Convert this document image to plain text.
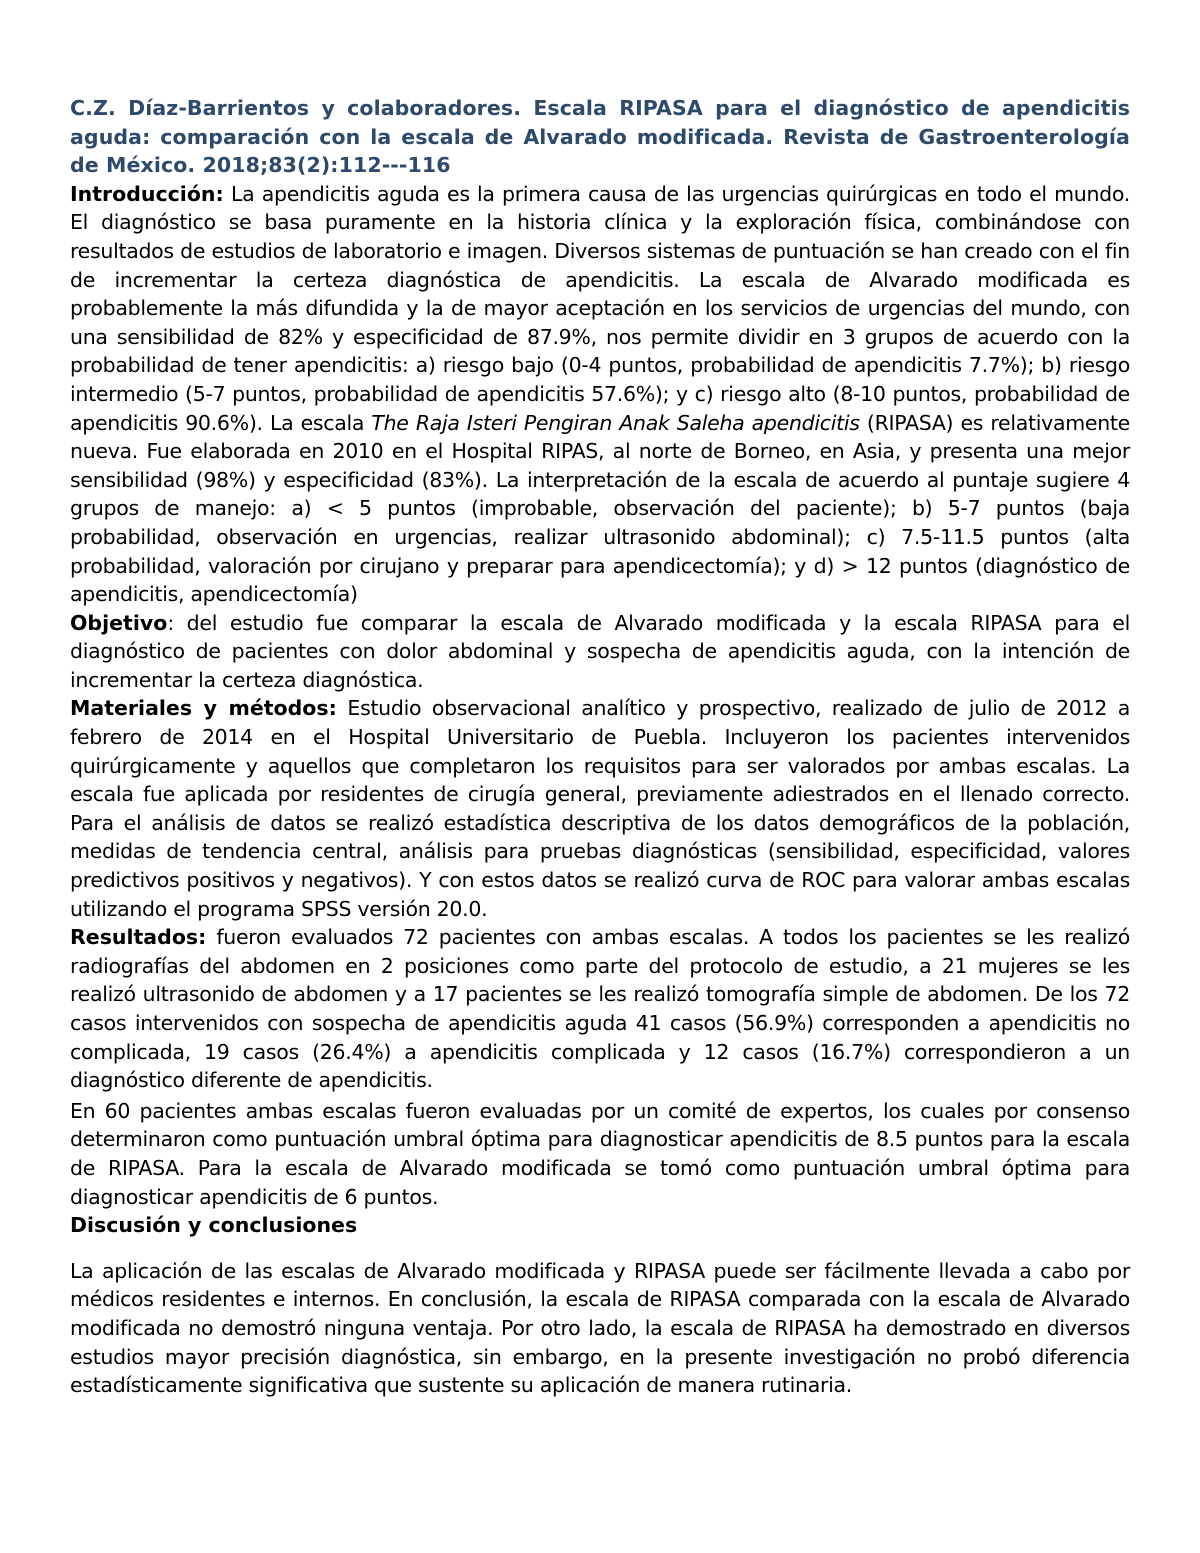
C.Z. Díaz-Barrientos y colaboradores. Escala RIPASA para el diagnóstico de apendicitis aguda: comparación con la escala de Alvarado modificada. Revista de Gastroenterología de México. 2018;83(2):112---116

Introducción: La apendicitis aguda es la primera causa de las urgencias quirúrgicas en todo el mundo. El diagnóstico se basa puramente en la historia clínica y la exploración física, combinándose con resultados de estudios de laboratorio e imagen. Diversos sistemas de puntuación se han creado con el fin de incrementar la certeza diagnóstica de apendicitis. La escala de Alvarado modificada es probablemente la más difundida y la de mayor aceptación en los servicios de urgencias del mundo, con una sensibilidad de 82% y especificidad de 87.9%, nos permite dividir en 3 grupos de acuerdo con la probabilidad de tener apendicitis: a) riesgo bajo (0-4 puntos, probabilidad de apendicitis 7.7%); b) riesgo intermedio (5-7 puntos, probabilidad de apendicitis 57.6%); y c) riesgo alto (8-10 puntos, probabilidad de apendicitis 90.6%). La escala The Raja Isteri Pengiran Anak Saleha apendicitis (RIPASA) es relativamente nueva. Fue elaborada en 2010 en el Hospital RIPAS, al norte de Borneo, en Asia, y presenta una mejor sensibilidad (98%) y especificidad (83%). La interpretación de la escala de acuerdo al puntaje sugiere 4 grupos de manejo: a) < 5 puntos (improbable, observación del paciente); b) 5-7 puntos (baja probabilidad, observación en urgencias, realizar ultrasonido abdominal); c) 7.5-11.5 puntos (alta probabilidad, valoración por cirujano y preparar para apendicectomía); y d) > 12 puntos (diagnóstico de apendicitis, apendicectomía)

Objetivo: del estudio fue comparar la escala de Alvarado modificada y la escala RIPASA para el diagnóstico de pacientes con dolor abdominal y sospecha de apendicitis aguda, con la intención de incrementar la certeza diagnóstica.

Materiales y métodos: Estudio observacional analítico y prospectivo, realizado de julio de 2012 a febrero de 2014 en el Hospital Universitario de Puebla. Incluyeron los pacientes intervenidos quirúrgicamente y aquellos que completaron los requisitos para ser valorados por ambas escalas. La escala fue aplicada por residentes de cirugía general, previamente adiestrados en el llenado correcto. Para el análisis de datos se realizó estadística descriptiva de los datos demográficos de la población, medidas de tendencia central, análisis para pruebas diagnósticas (sensibilidad, especificidad, valores predictivos positivos y negativos). Y con estos datos se realizó curva de ROC para valorar ambas escalas utilizando el programa SPSS versión 20.0.

Resultados: fueron evaluados 72 pacientes con ambas escalas. A todos los pacientes se les realizó radiografías del abdomen en 2 posiciones como parte del protocolo de estudio, a 21 mujeres se les realizó ultrasonido de abdomen y a 17 pacientes se les realizó tomografía simple de abdomen. De los 72 casos intervenidos con sospecha de apendicitis aguda 41 casos (56.9%) corresponden a apendicitis no complicada, 19 casos (26.4%) a apendicitis complicada y 12 casos (16.7%) correspondieron a un diagnóstico diferente de apendicitis.

En 60 pacientes ambas escalas fueron evaluadas por un comité de expertos, los cuales por consenso determinaron como puntuación umbral óptima para diagnosticar apendicitis de 8.5 puntos para la escala de RIPASA. Para la escala de Alvarado modificada se tomó como puntuación umbral óptima para diagnosticar apendicitis de 6 puntos.

Discusión y conclusiones

La aplicación de las escalas de Alvarado modificada y RIPASA puede ser fácilmente llevada a cabo por médicos residentes e internos. En conclusión, la escala de RIPASA comparada con la escala de Alvarado modificada no demostró ninguna ventaja. Por otro lado, la escala de RIPASA ha demostrado en diversos estudios mayor precisión diagnóstica, sin embargo, en la presente investigación no probó diferencia estadísticamente significativa que sustente su aplicación de manera rutinaria.
